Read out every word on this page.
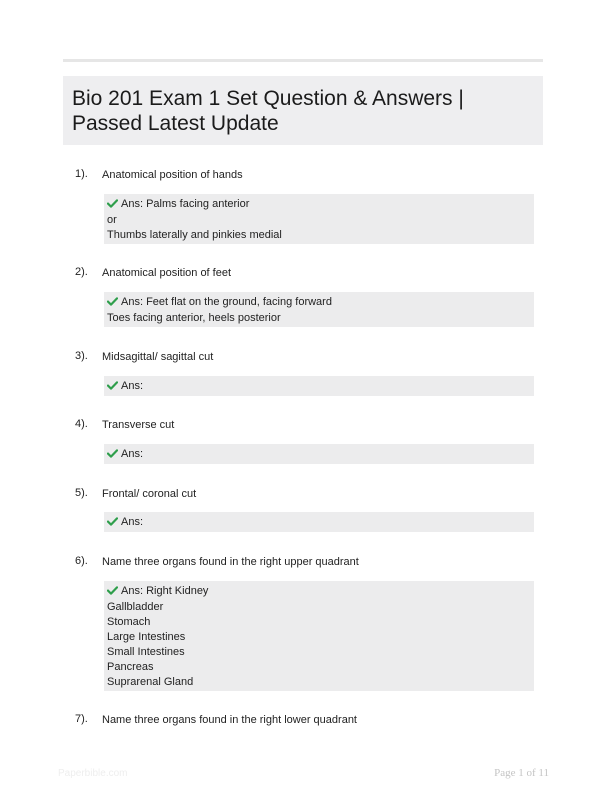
Bio 201 Exam 1 Set Question & Answers | Passed Latest Update
1). Anatomical position of hands
Ans: Palms facing anterior
or
Thumbs laterally and pinkies medial
2). Anatomical position of feet
Ans: Feet flat on the ground, facing forward
Toes facing anterior, heels posterior
3). Midsagittal/ sagittal cut
Ans:
4). Transverse cut
Ans:
5). Frontal/ coronal cut
Ans:
6). Name three organs found in the right upper quadrant
Ans: Right Kidney
Gallbladder
Stomach
Large Intestines
Small Intestines
Pancreas
Suprarenal Gland
7). Name three organs found in the right lower quadrant
Paperbible.com	Page 1 of 11
